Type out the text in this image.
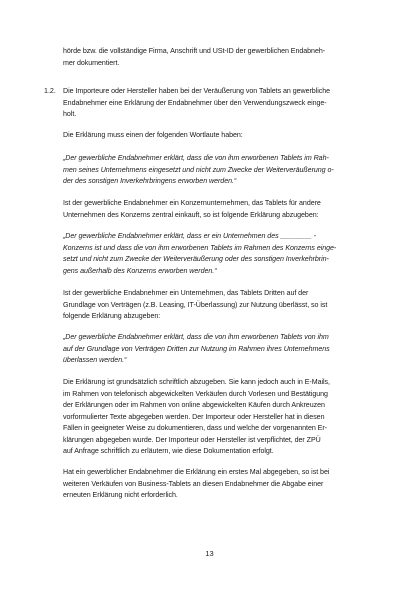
hörde bzw. die vollständige Firma, Anschrift und USt-ID der gewerblichen Endabneh-
mer dokumentiert.

1.2. Die Importeure oder Hersteller haben bei der Veräußerung von Tablets an gewerbliche
Endabnehmer eine Erklärung der Endabnehmer über den Verwendungszweck einge-
holt.

Die Erklärung muss einen der folgenden Wortlaute haben:

„Der gewerbliche Endabnehmer erklärt, dass die von ihm erworbenen Tablets im Rah-
men seines Unternehmens eingesetzt und nicht zum Zwecke der Weiterveräußerung o-
der des sonstigen Inverkehrbringens erworben werden.“

Ist der gewerbliche Endabnehmer ein Konzernunternehmen, das Tablets für andere
Unternehmen des Konzerns zentral einkauft, so ist folgende Erklärung abzugeben:

„Der gewerbliche Endabnehmer erklärt, dass er ein Unternehmen des ________ -
Konzerns ist und dass die von ihm erworbenen Tablets im Rahmen des Konzerns einge-
setzt und nicht zum Zwecke der Weiterveräußerung oder des sonstigen Inverkehrbrin-
gens außerhalb des Konzerns erworben werden.“

Ist der gewerbliche Endabnehmer ein Unternehmen, das Tablets Dritten auf der
Grundlage von Verträgen (z.B. Leasing, IT-Überlassung) zur Nutzung überlässt, so ist
folgende Erklärung abzugeben:

„Der gewerbliche Endabnehmer erklärt, dass die von ihm erworbenen Tablets von ihm
auf der Grundlage von Verträgen Dritten zur Nutzung im Rahmen ihres Unternehmens
überlassen werden.“

Die Erklärung ist grundsätzlich schriftlich abzugeben. Sie kann jedoch auch in E-Mails,
im Rahmen von telefonisch abgewickelten Verkäufen durch Vorlesen und Bestätigung
der Erklärungen oder im Rahmen von online abgewickelten Käufen durch Ankreuzen
vorformulierter Texte abgegeben werden. Der Importeur oder Hersteller hat in diesen
Fällen in geeigneter Weise zu dokumentieren, dass und welche der vorgenannten Er-
klärungen abgegeben wurde. Der Importeur oder Hersteller ist verpflichtet, der ZPÜ
auf Anfrage schriftlich zu erläutern, wie diese Dokumentation erfolgt.

Hat ein gewerblicher Endabnehmer die Erklärung ein erstes Mal abgegeben, so ist bei
weiteren Verkäufen von Business-Tablets an diesen Endabnehmer die Abgabe einer
erneuten Erklärung nicht erforderlich.

13
